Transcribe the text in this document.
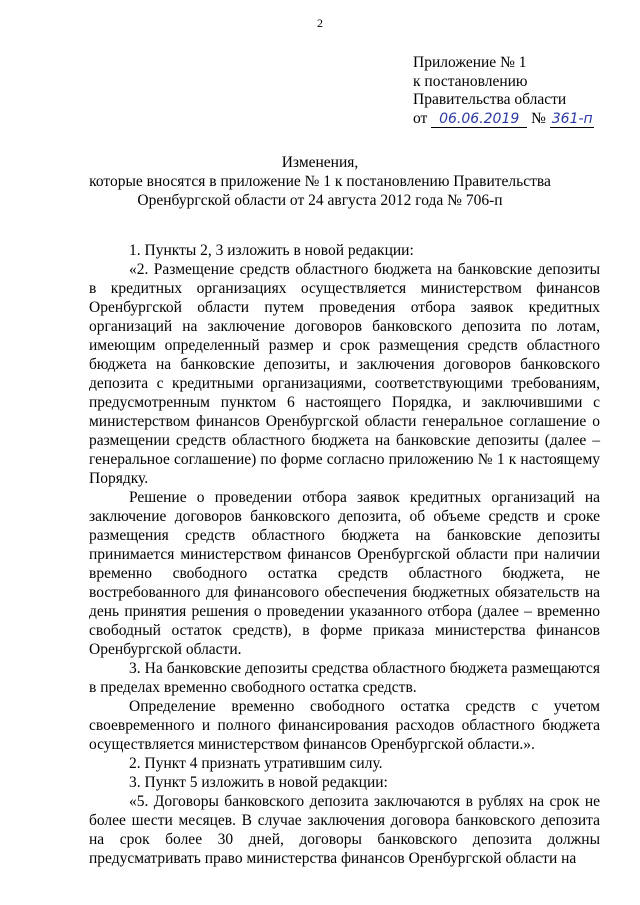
2
Приложение № 1
к постановлению
Правительства области
от 06.06.2019 № 361-п
Изменения,
которые вносятся в приложение № 1 к постановлению Правительства
Оренбургской области от 24 августа 2012 года № 706-п

1. Пункты 2, 3 изложить в новой редакции:

«2. Размещение средств областного бюджета на банковские депозиты в кредитных организациях осуществляется министерством финансов Оренбургской области путем проведения отбора заявок кредитных организаций на заключение договоров банковского депозита по лотам, имеющим определенный размер и срок размещения средств областного бюджета на банковские депозиты, и заключения договоров банковского депозита с кредитными организациями, соответствующими требованиям, предусмотренным пунктом 6 настоящего Порядка, и заключившими с министерством финансов Оренбургской области генеральное соглашение о размещении средств областного бюджета на банковские депозиты (далее – генеральное соглашение) по форме согласно приложению № 1 к настоящему Порядку.

Решение о проведении отбора заявок кредитных организаций на заключение договоров банковского депозита, об объеме средств и сроке размещения средств областного бюджета на банковские депозиты принимается министерством финансов Оренбургской области при наличии временно свободного остатка средств областного бюджета, не востребованного для финансового обеспечения бюджетных обязательств на день принятия решения о проведении указанного отбора (далее – временно свободный остаток средств), в форме приказа министерства финансов Оренбургской области.

3. На банковские депозиты средства областного бюджета размещаются в пределах временно свободного остатка средств.

Определение временно свободного остатка средств с учетом своевременного и полного финансирования расходов областного бюджета осуществляется министерством финансов Оренбургской области.».

2. Пункт 4 признать утратившим силу.

3. Пункт 5 изложить в новой редакции:

«5. Договоры банковского депозита заключаются в рублях на срок не более шести месяцев. В случае заключения договора банковского депозита на срок более 30 дней, договоры банковского депозита должны предусматривать право министерства финансов Оренбургской области на
